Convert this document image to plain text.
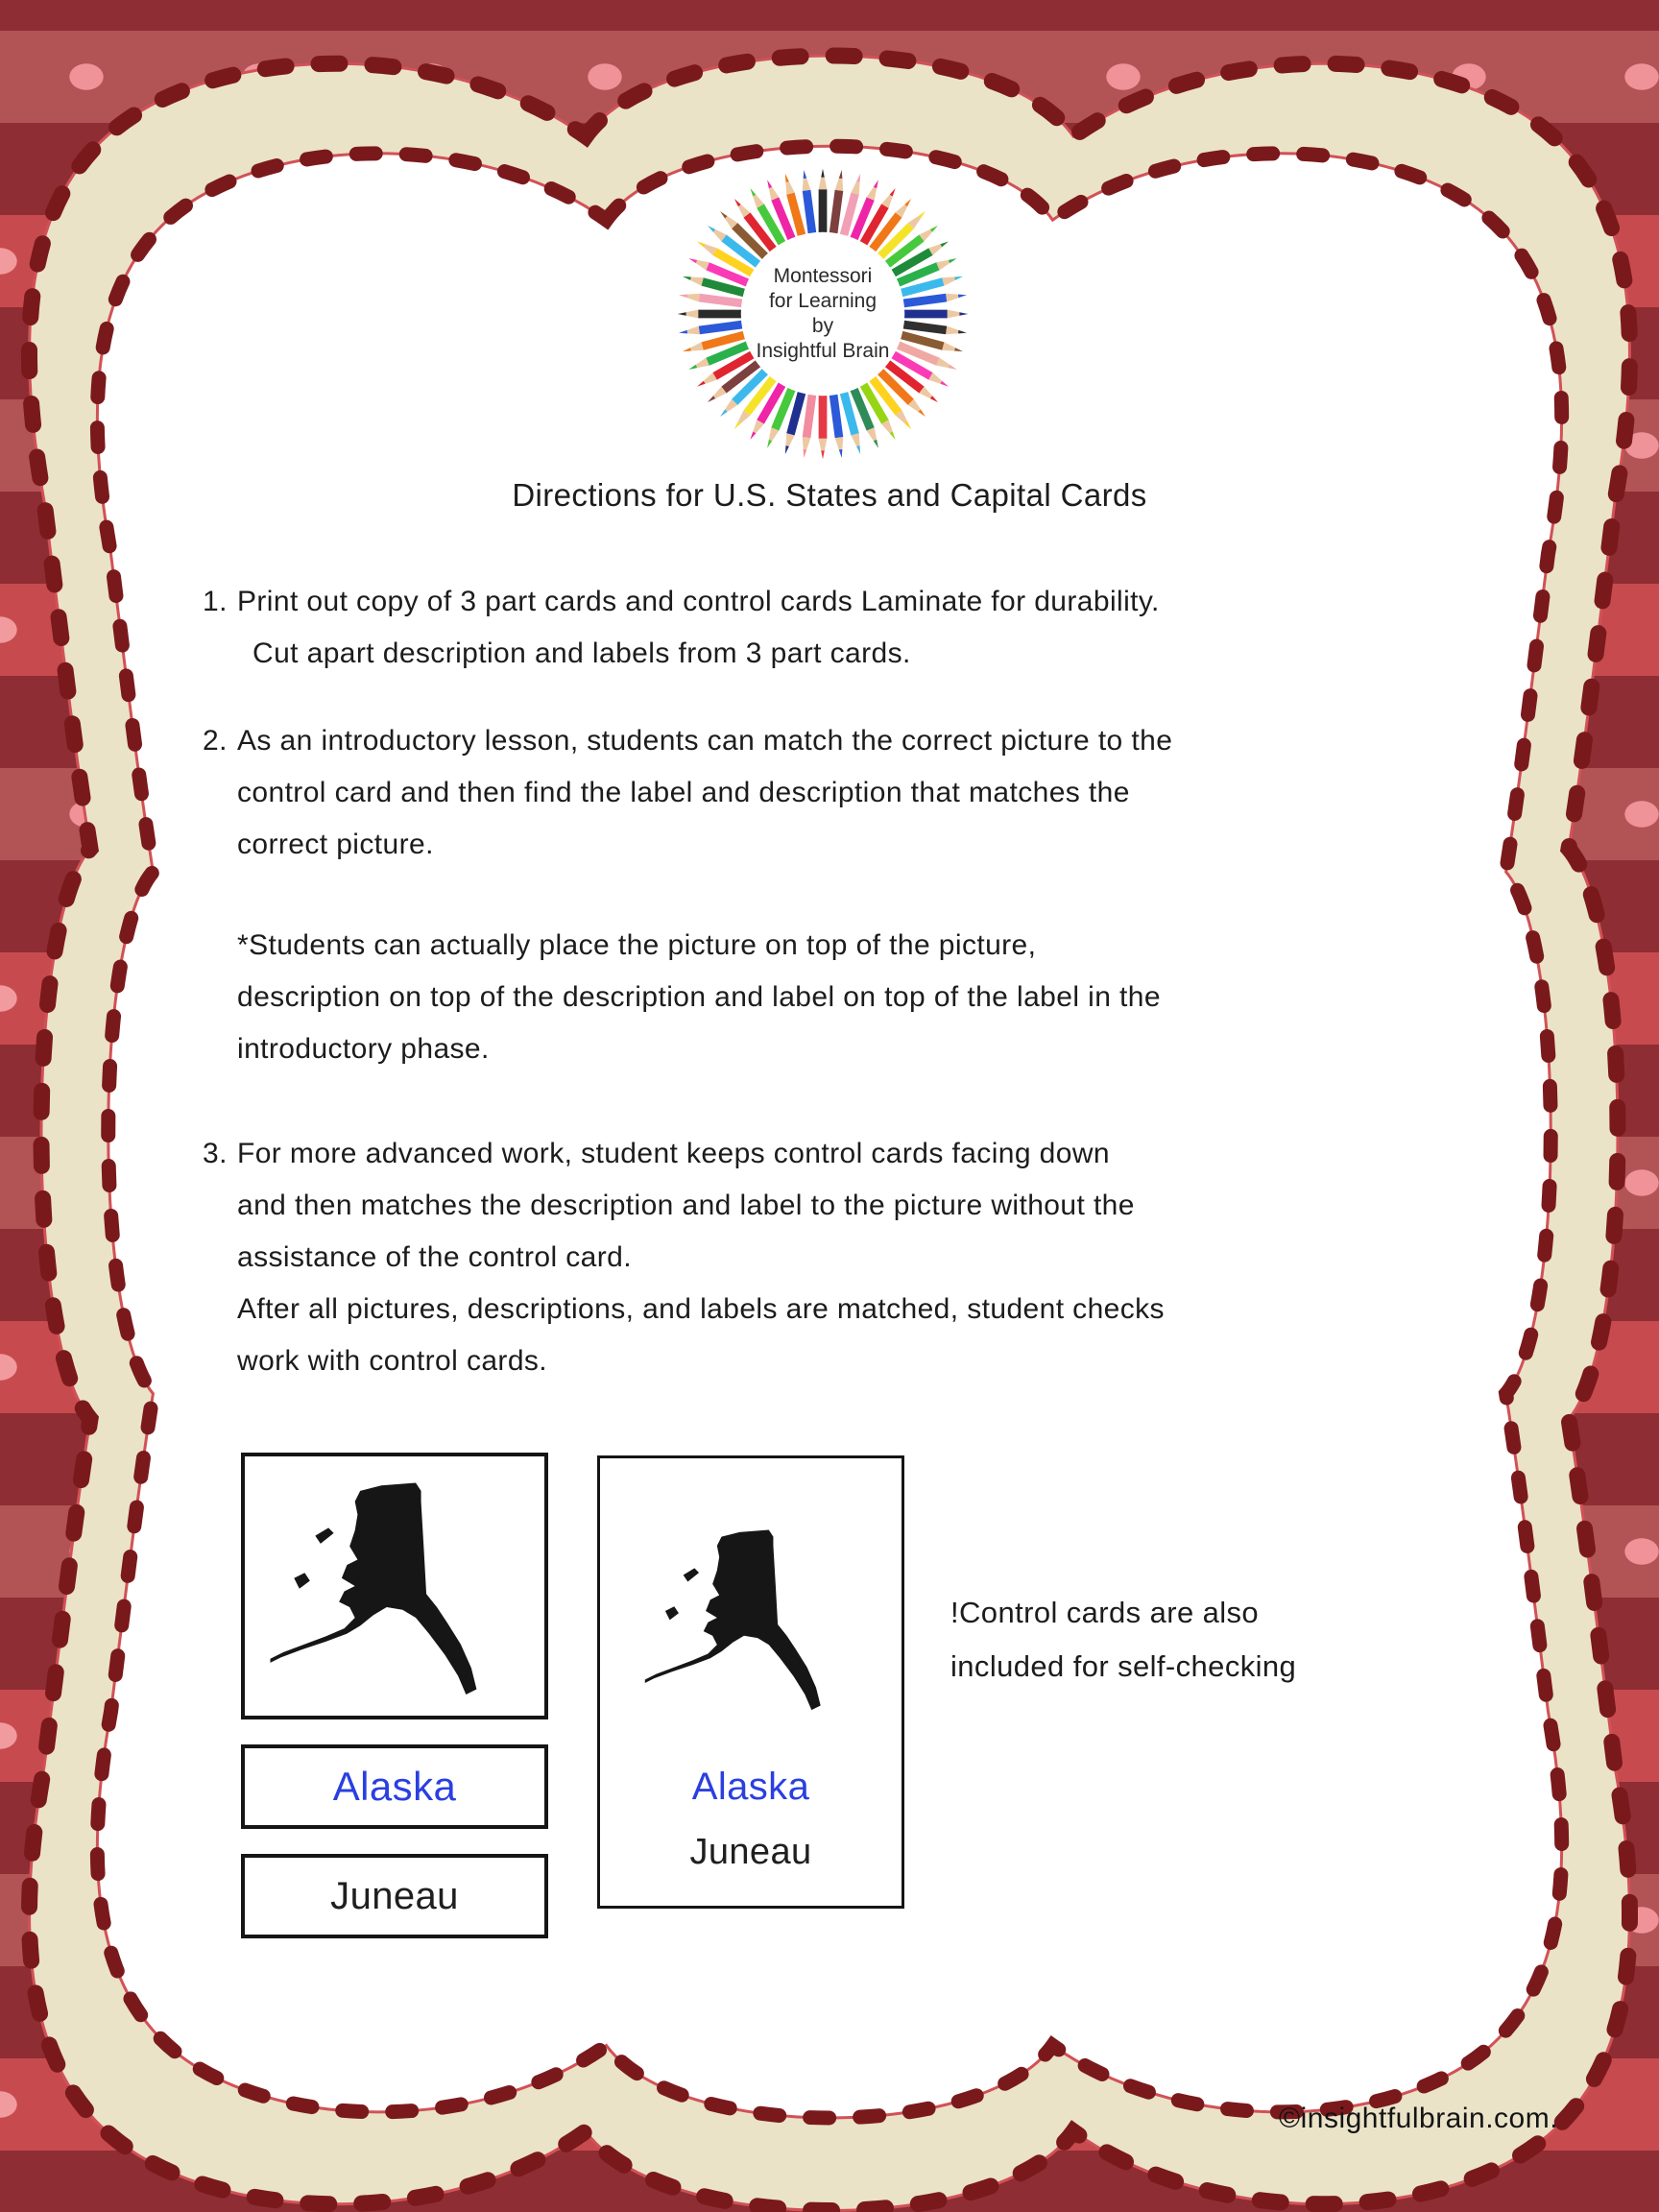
Montessori
for Learning
by
Insightful Brain
Directions for U.S. States and Capital Cards
1. Print out copy of 3 part cards and control cards Laminate for durability.
Cut apart description and labels from 3 part cards.
2. As an introductory lesson, students can match the correct picture to the
control card and then find the label and description that matches the
correct picture.
*Students can actually place the picture on top of the picture,
description on top of the description and label on top of the label in the
introductory phase.
3. For more advanced work, student keeps control cards facing down
and then matches the description and label to the picture without the
assistance of the control card.
After all pictures, descriptions, and labels are matched, student checks
work with control cards.
Alaska
Juneau
Alaska
Juneau
!Control cards are also
included for self-checking
©insightfulbrain.com.
